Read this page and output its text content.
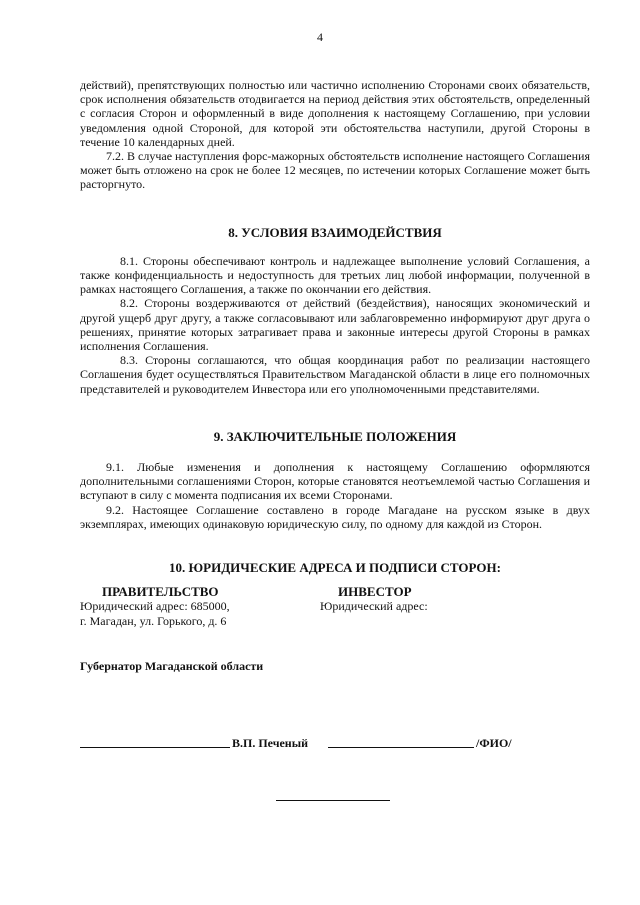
4

действий), препятствующих полностью или частично исполнению Сторонами своих обязательств, срок исполнения обязательств отодвигается на период действия этих обстоятельств, определенный с согласия Сторон и оформленный в виде дополнения к настоящему Соглашению, при условии уведомления одной Стороной, для которой эти обстоятельства наступили, другой Стороны в течение 10 календарных дней.

7.2. В случае наступления форс-мажорных обстоятельств исполнение настоящего Соглашения может быть отложено на срок не более 12 месяцев, по истечении которых Соглашение может быть расторгнуто.

8. УСЛОВИЯ ВЗАИМОДЕЙСТВИЯ

8.1. Стороны обеспечивают контроль и надлежащее выполнение условий Соглашения, а также конфиденциальность и недоступность для третьих лиц любой информации, полученной в рамках настоящего Соглашения, а также по окончании его действия.

8.2. Стороны воздерживаются от действий (бездействия), наносящих экономический и другой ущерб друг другу, а также согласовывают или заблаговременно информируют друг друга о решениях, принятие которых затрагивает права и законные интересы другой Стороны в рамках исполнения Соглашения.

8.3. Стороны соглашаются, что общая координация работ по реализации настоящего Соглашения будет осуществляться Правительством Магаданской области в лице его полномочных представителей и руководителем Инвестора или его уполномоченными представителями.

9. ЗАКЛЮЧИТЕЛЬНЫЕ ПОЛОЖЕНИЯ

9.1. Любые изменения и дополнения к настоящему Соглашению оформляются дополнительными соглашениями Сторон, которые становятся неотъемлемой частью Соглашения и вступают в силу с момента подписания их всеми Сторонами.

9.2. Настоящее Соглашение составлено в городе Магадане на русском языке в двух экземплярах, имеющих одинаковую юридическую силу, по одному для каждой из Сторон.

10. ЮРИДИЧЕСКИЕ АДРЕСА И ПОДПИСИ СТОРОН:
ПРАВИТЕЛЬСТВО
Юридический адрес: 685000,
г. Магадан, ул. Горького, д. 6
ИНВЕСТОР
Юридический адрес:
Губернатор Магаданской области
В.П. Печеный	/ФИО/
